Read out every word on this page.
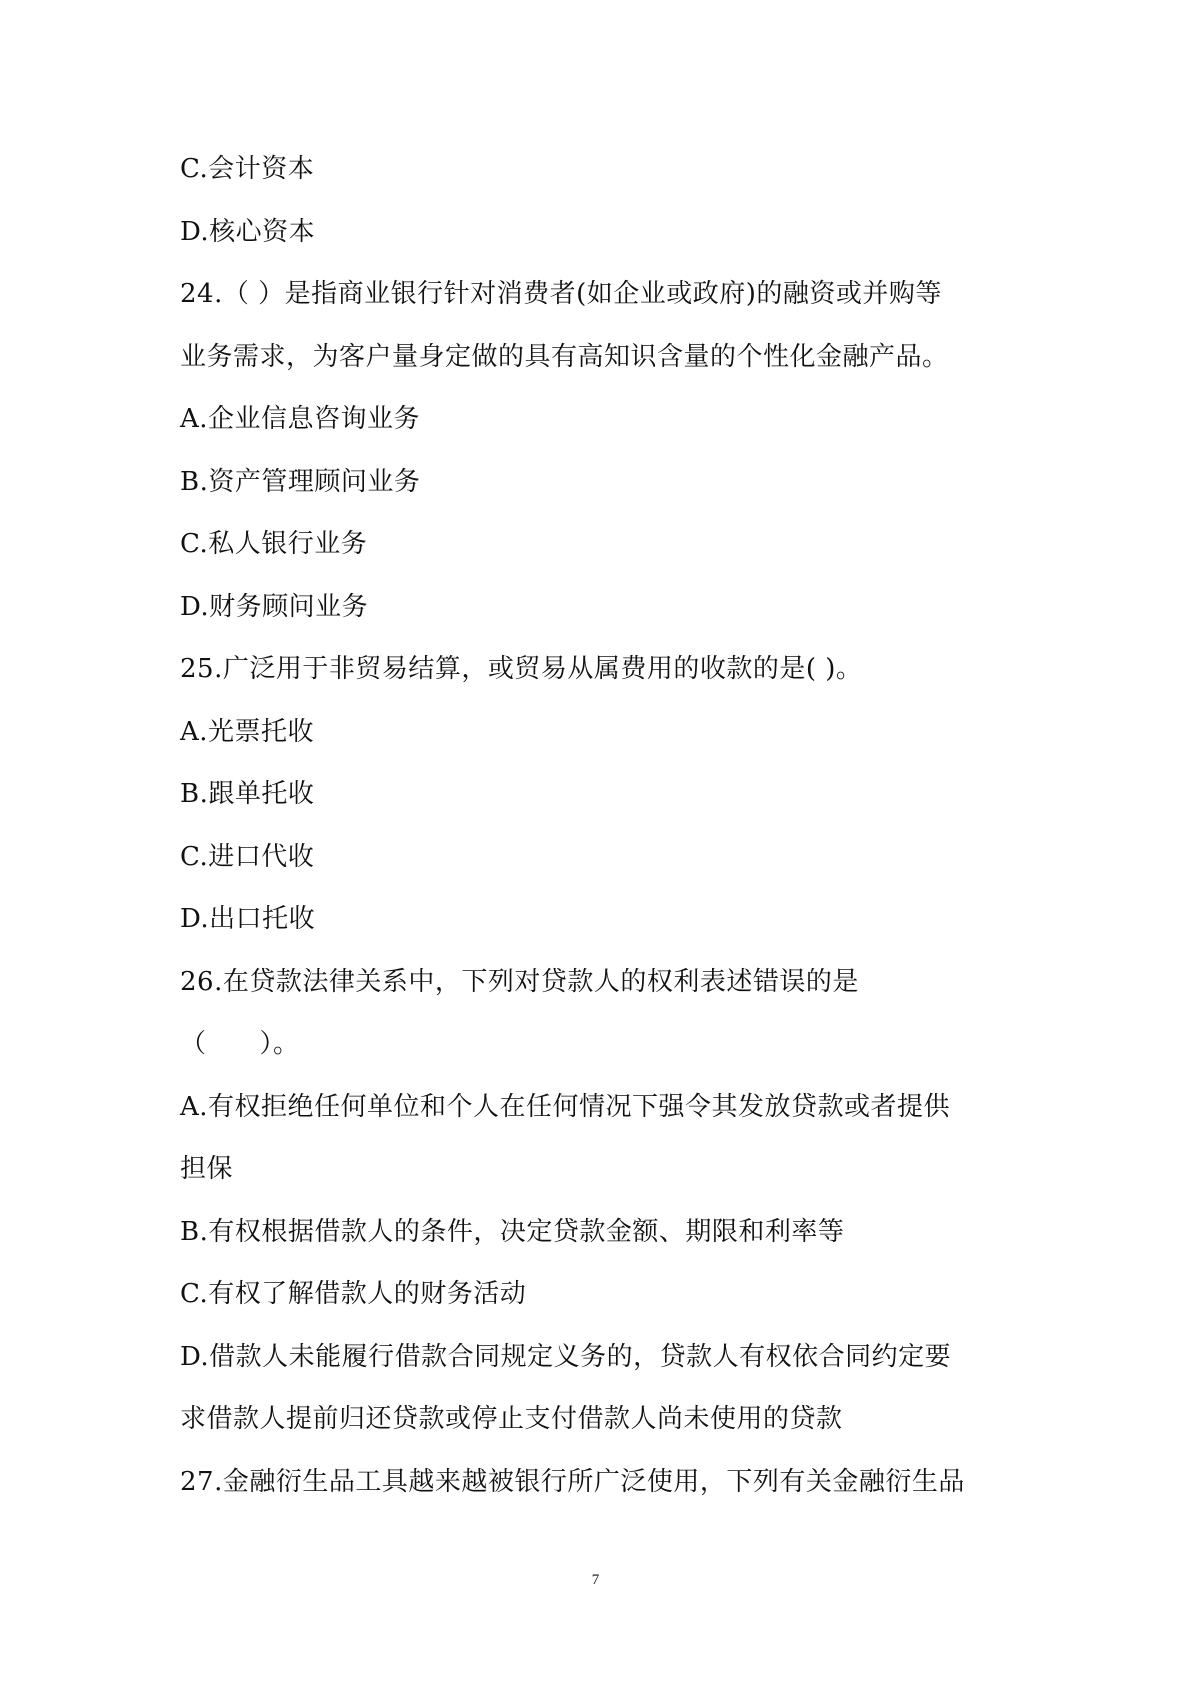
C.会计资本
D.核心资本
24.（ ）是指商业银行针对消费者(如企业或政府)的融资或并购等
业务需求，为客户量身定做的具有高知识含量的个性化金融产品。
A.企业信息咨询业务
B.资产管理顾问业务
C.私人银行业务
D.财务顾问业务
25.广泛用于非贸易结算，或贸易从属费用的收款的是( )。
A.光票托收
B.跟单托收
C.进口代收
D.出口托收
26.在贷款法律关系中，下列对贷款人的权利表述错误的是
（　　）。
A.有权拒绝任何单位和个人在任何情况下强令其发放贷款或者提供
担保
B.有权根据借款人的条件，决定贷款金额、期限和利率等
C.有权了解借款人的财务活动
D.借款人未能履行借款合同规定义务的，贷款人有权依合同约定要
求借款人提前归还贷款或停止支付借款人尚未使用的贷款
27.金融衍生品工具越来越被银行所广泛使用，下列有关金融衍生品
7
